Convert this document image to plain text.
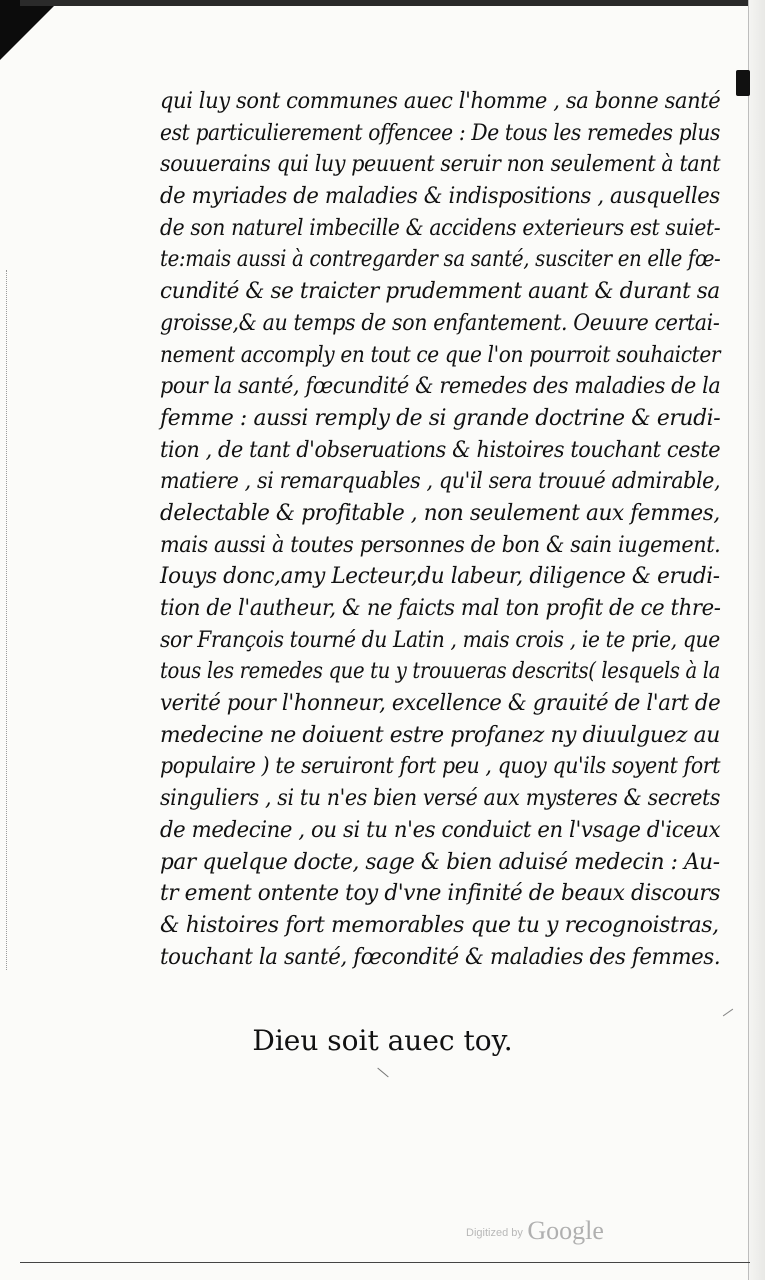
qui luy sont communes auec l'homme , sa bonne santé
est particulierement offencee : De tous les remedes plus
souuerains qui luy peuuent seruir non seulement à tant
de myriades de maladies & indispositions , ausquelles
de son naturel imbecille & accidens exterieurs est suiet-
te:mais aussi à contregarder sa santé, susciter en elle fœ-
cundité & se traicter prudemment auant & durant sa
groisse,& au temps de son enfantement. Oeuure certai-
nement accomply en tout ce que l'on pourroit souhaicter
pour la santé, fœcundité & remedes des maladies de la
femme : aussi remply de si grande doctrine & erudi-
tion , de tant d'obseruations & histoires touchant ceste
matiere , si remarquables , qu'il sera trouué admirable,
delectable & profitable , non seulement aux femmes,
mais aussi à toutes personnes de bon & sain iugement.
Iouys donc,amy Lecteur,du labeur, diligence & erudi-
tion de l'autheur, & ne faicts mal ton profit de ce thre-
sor François tourné du Latin , mais crois , ie te prie, que
tous les remedes que tu y trouueras descrits( lesquels à la
verité pour l'honneur, excellence & grauité de l'art de
medecine ne doiuent estre profanez ny diuulguez au
populaire ) te seruiront fort peu , quoy qu'ils soyent fort
singuliers , si tu n'es bien versé aux mysteres & secrets
de medecine , ou si tu n'es conduict en l'vsage d'iceux
par quelque docte, sage & bien aduisé medecin : Au-
tr ement ontente toy d'vne infinité de beaux discours
& histoires fort memorables que tu y recognoistras,
touchant la santé, fœcondité & maladies des femmes.
Dieu soit auec toy.
Digitized by Google
